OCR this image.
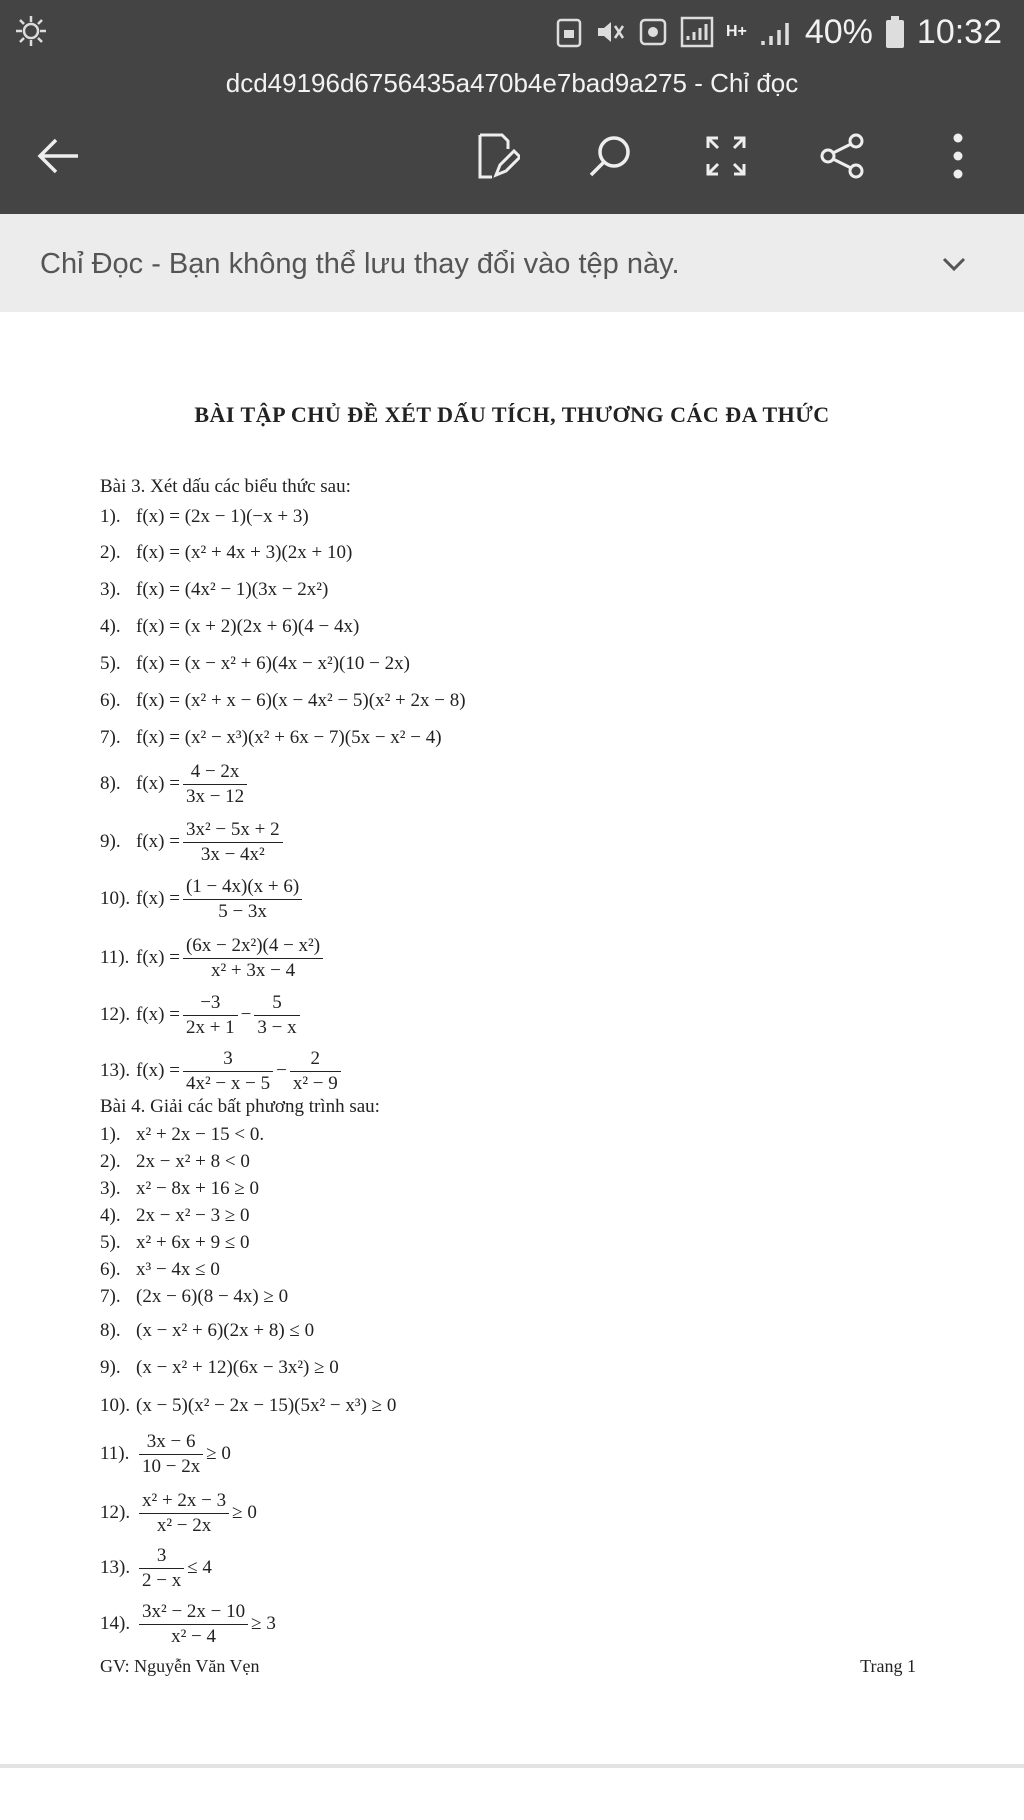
H+ 40% 10:32
dcd49196d6756435a470b4e7bad9a275 - Chỉ đọc
Chỉ Đọc - Bạn không thể lưu thay đổi vào tệp này.
BÀI TẬP CHỦ ĐỀ XÉT DẤU TÍCH, THƯƠNG CÁC ĐA THỨC
Bài 3. Xét dấu các biểu thức sau:
1). f(x) = (2x − 1)(−x + 3)
2). f(x) = (x² + 4x + 3)(2x + 10)
3). f(x) = (4x² − 1)(3x − 2x²)
4). f(x) = (x + 2)(2x + 6)(4 − 4x)
5). f(x) = (x − x² + 6)(4x − x²)(10 − 2x)
6). f(x) = (x² + x − 6)(x − 4x² − 5)(x² + 2x − 8)
7). f(x) = (x² − x³)(x² + 6x − 7)(5x − x² − 4)
8). $f(x) = \frac{4 - 2x}{3x - 12}$
9). $f(x) = \frac{\text{3x² − 5x + 2}}{\text{3x − 4x²}}$
10). $f(x) = \frac{(1 - 4x)(x + 6)}{5 - 3x}$
11). $f(x) = \frac{\text{(6x − 2x²)(4 − x²)}}{\text{x² + 3x − 4}}$
12). $f(x) = \frac{-3}{2x + 1} - \frac{5}{3 - x}$
13). $f(x) = \frac{3}{\text{4x² − x − 5}} - \frac{2}{\text{x² − 9}}$
Bài 4. Giải các bất phương trình sau:
1). x² + 2x − 15 < 0.
2). 2x − x² + 8 < 0
3). x² − 8x + 16 ≥ 0
4). 2x − x² − 3 ≥ 0
5). x² + 6x + 9 ≤ 0
6). x³ − 4x ≤ 0
7). (2x − 6)(8 − 4x) ≥ 0
8). (x − x² + 6)(2x + 8) ≤ 0
9). (x − x² + 12)(6x − 3x²) ≥ 0
10). (x − 5)(x² − 2x − 15)(5x² − x³) ≥ 0
11). $\frac{3x - 6}{10 - 2x} \ge 0$
12). $\frac{\text{x² + 2x − 3}}{\text{x² − 2x}} \ge 0$
13). $\frac{3}{2 - x} \le 4$
14). $\frac{\text{3x² − 2x − 10}}{\text{x² − 4}} \ge 3$
GV: Nguyễn Văn Vẹn	Trang 1
